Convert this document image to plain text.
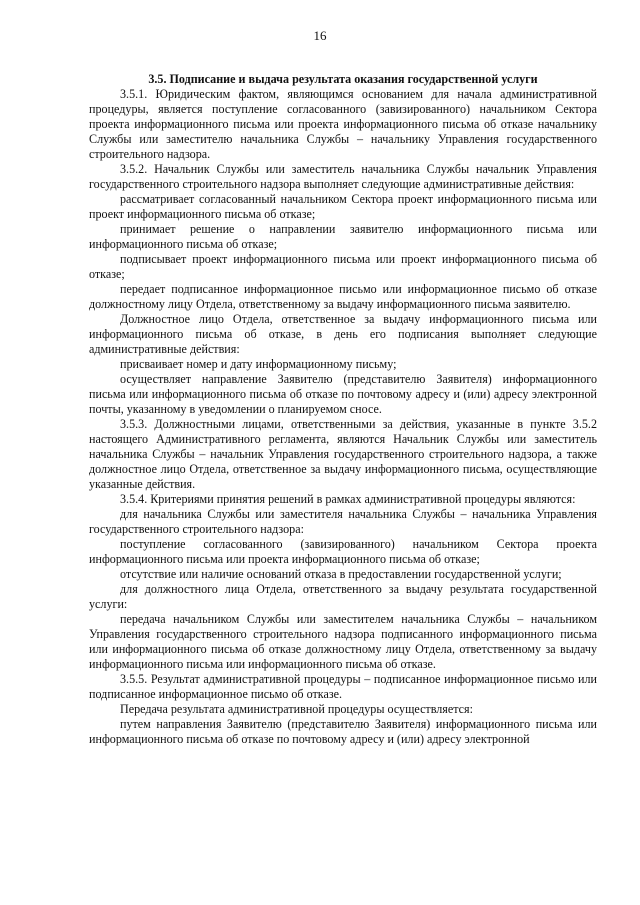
16
3.5. Подписание и выдача результата оказания государственной услуги

3.5.1. Юридическим фактом, являющимся основанием для начала административной процедуры, является поступление согласованного (завизированного) начальником Сектора проекта информационного письма или проекта информационного письма об отказе начальнику Службы или заместителю начальника Службы – начальнику Управления государственного строительного надзора.

3.5.2. Начальник Службы или заместитель начальника Службы начальник Управления государственного строительного надзора выполняет следующие административные действия:

рассматривает согласованный начальником Сектора проект информационного письма или проект информационного письма об отказе;

принимает решение о направлении заявителю информационного письма или информационного письма об отказе;

подписывает проект информационного письма или проект информационного письма об отказе;

передает подписанное информационное письмо или информационное письмо об отказе должностному лицу Отдела, ответственному за выдачу информационного письма заявителю.

Должностное лицо Отдела, ответственное за выдачу информационного письма или информационного письма об отказе, в день его подписания выполняет следующие административные действия:

присваивает номер и дату информационному письму;

осуществляет направление Заявителю (представителю Заявителя) информационного письма или информационного письма об отказе по почтовому адресу и (или) адресу электронной почты, указанному в уведомлении о планируемом сносе.

3.5.3. Должностными лицами, ответственными за действия, указанные в пункте 3.5.2 настоящего Административного регламента, являются Начальник Службы или заместитель начальника Службы – начальник Управления государственного строительного надзора, а также должностное лицо Отдела, ответственное за выдачу информационного письма, осуществляющие указанные действия.

3.5.4. Критериями принятия решений в рамках административной процедуры являются:

для начальника Службы или заместителя начальника Службы – начальника Управления государственного строительного надзора:

поступление согласованного (завизированного) начальником Сектора проекта информационного письма или проекта информационного письма об отказе;

отсутствие или наличие оснований отказа в предоставлении государственной услуги;

для должностного лица Отдела, ответственного за выдачу результата государственной услуги:

передача начальником Службы или заместителем начальника Службы – начальником Управления государственного строительного надзора подписанного информационного письма или информационного письма об отказе должностному лицу Отдела, ответственному за выдачу информационного письма или информационного письма об отказе.

3.5.5. Результат административной процедуры – подписанное информационное письмо или подписанное информационное письмо об отказе.

Передача результата административной процедуры осуществляется:

путем направления Заявителю (представителю Заявителя) информационного письма или информационного письма об отказе по почтовому адресу и (или) адресу электронной
